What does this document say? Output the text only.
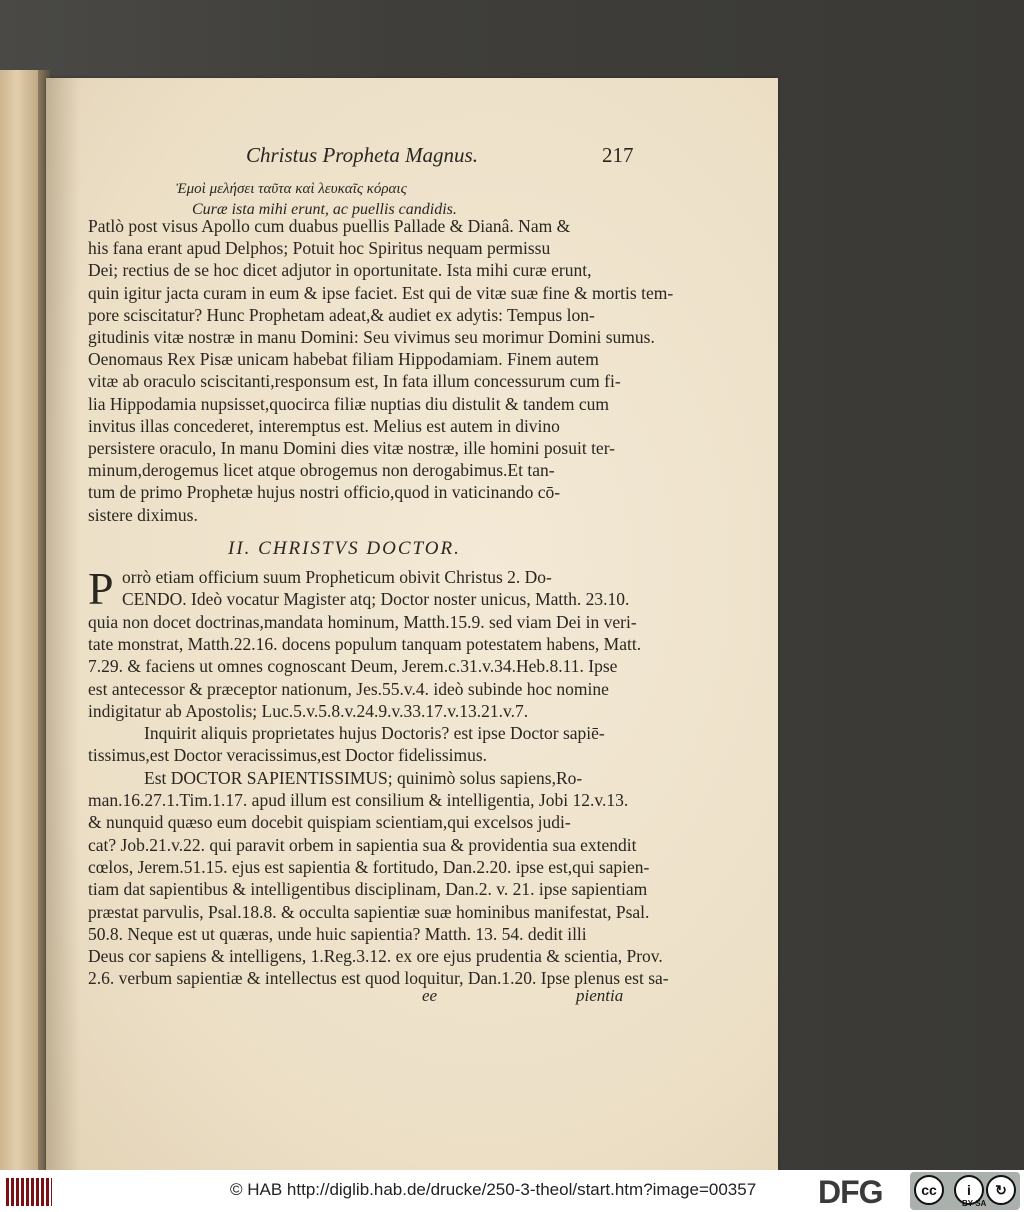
Christus Propheta Magnus.	217
Ἐμοὶ μελήσει ταῦτα καὶ λευκαῖς κόραις
Curæ ista mihi erunt, ac puellis candidis.
Patlò post visus Apollo cum duabus puellis Pallade & Dianâ. Nam &
his fana erant apud Delphos; Potuit hoc Spiritus nequam permissu
Dei; rectius de se hoc dicet adjutor in oportunitate. Ista mihi curæ erunt,
quin igitur jacta curam in eum & ipse faciet. Est qui de vitæ suæ fine & mortis tem-
pore sciscitatur? Hunc Prophetam adeat,& audiet ex adytis: Tempus lon-
gitudinis vitæ nostræ in manu Domini: Seu vivimus seu morimur Domini sumus.
Oenomaus Rex Pisæ unicam habebat filiam Hippodamiam. Finem autem
vitæ ab oraculo sciscitanti,responsum est, In fata illum concessurum cum fi-
lia Hippodamia nupsisset,quocirca filiæ nuptias diu distulit & tandem cum
invitus illas concederet, interemptus est. Melius est autem in divino
persistere oraculo, In manu Domini dies vitæ nostræ, ille homini posuit ter-
minum,derogemus licet atque obrogemus non derogabimus.Et tan-
tum de primo Prophetæ hujus nostri officio,quod in vaticinando cō-
sistere diximus.
II. CHRISTVS DOCTOR.
P orrò etiam officium suum Propheticum obivit Christus 2. Do-
CENDO. Ideò vocatur Magister atq; Doctor noster unicus, Matth. 23.10.
quia non docet doctrinas,mandata hominum, Matth.15.9. sed viam Dei in veri-
tate monstrat, Matth.22.16. docens populum tanquam potestatem habens, Matt.
7.29. & faciens ut omnes cognoscant Deum, Jerem.c.31.v.34.Heb.8.11. Ipse
est antecessor & præceptor nationum, Jes.55.v.4. ideò subinde hoc nomine
indigitatur ab Apostolis; Luc.5.v.5.8.v.24.9.v.33.17.v.13.21.v.7.
Inquirit aliquis proprietates hujus Doctoris? est ipse Doctor sapiē-
tissimus,est Doctor veracissimus,est Doctor fidelissimus.
Est DOCTOR SAPIENTISSIMUS; quinimò solus sapiens,Ro-
man.16.27.1.Tim.1.17. apud illum est consilium & intelligentia, Jobi 12.v.13.
& nunquid quæso eum docebit quispiam scientiam,qui excelsos judi-
cat? Job.21.v.22. qui paravit orbem in sapientia sua & providentia sua extendit
cœlos, Jerem.51.15. ejus est sapientia & fortitudo, Dan.2.20. ipse est,qui sapien-
tiam dat sapientibus & intelligentibus disciplinam, Dan.2. v. 21. ipse sapientiam
præstat parvulis, Psal.18.8. & occulta sapientiæ suæ hominibus manifestat, Psal.
50.8. Neque est ut quæras, unde huic sapientia? Matth. 13. 54. dedit illi
Deus cor sapiens & intelligens, 1.Reg.3.12. ex ore ejus prudentia & scientia, Prov.
2.6. verbum sapientiæ & intellectus est quod loquitur, Dan.1.20. Ipse plenus est sa-
ee	pientia
© HAB http://diglib.hab.de/drucke/250-3-theol/start.htm?image=00357 DFG	cc	i	↻
BY SA
